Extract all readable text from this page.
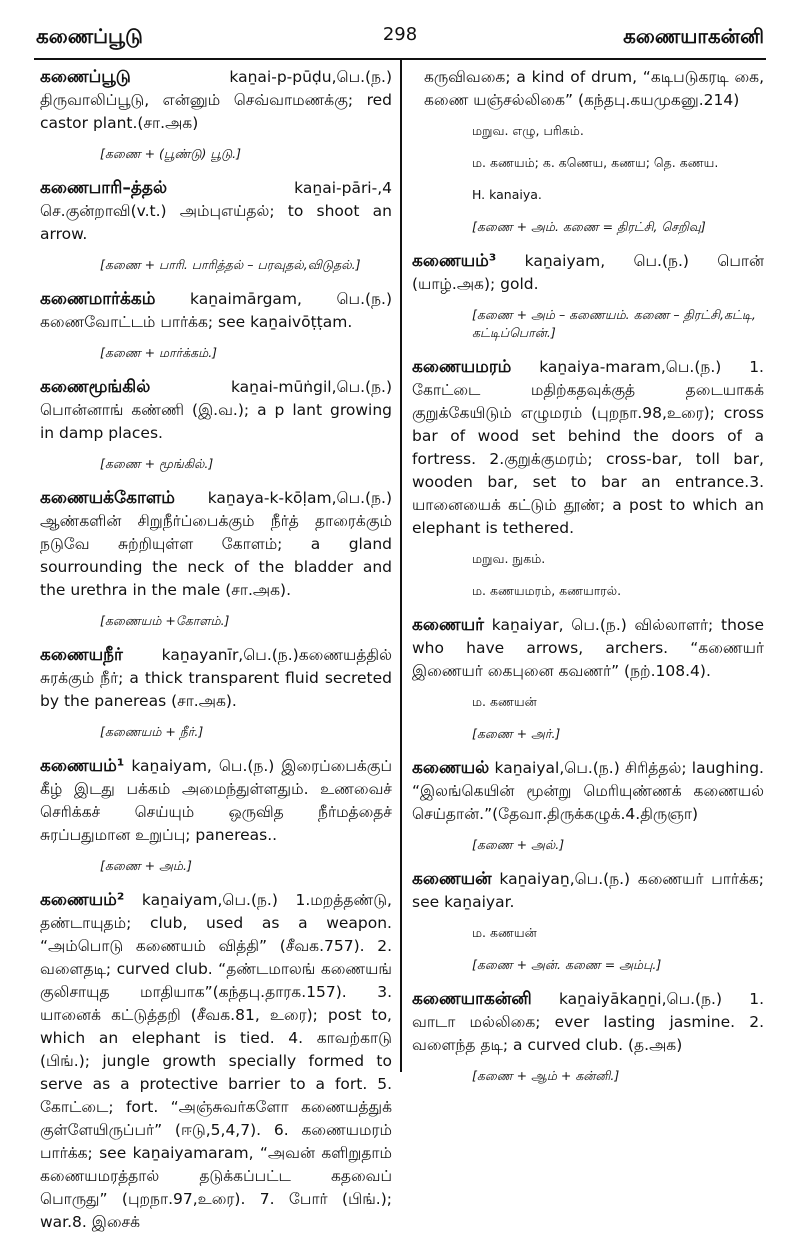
கணைப்பூடு	298	கணையாகன்னி

கணைப்பூடு kaṉai-p-pūḍu,பெ.(ந.) திருவாலிப்பூடு, என்னும் செவ்வாமணக்கு; red castor plant.(சா.அக)

[கணை + (பூண்டு) பூடு.]

கணைபாரி–த்தல் kaṉai-pāri-,4 செ.குன்றாவி(v.t.) அம்புஎய்தல்; to shoot an arrow.

[கணை + பாரி. பாரித்தல் – பரவுதல்,விடுதல்.]

கணைமார்க்கம் kaṉaimārgam, பெ.(ந.) கணைவோட்டம் பார்க்க; see kaṉaivōṭṭam.

[கணை + மார்க்கம்.]

கணைமூங்கில் kaṉai-mūṅgil,பெ.(ந.) பொன்னாங் கண்ணி (இ.வ.); a p lant growing in damp places.

[கணை + மூங்கில்.]

கணையக்கோளம் kaṉaya-k-kōḷam,பெ.(ந.) ஆண்களின் சிறுநீர்ப்பைக்கும் நீர்த் தாரைக்கும் நடுவே சுற்றியுள்ள கோளம்; a gland sourrounding the neck of the bladder and the urethra in the male (சா.அக).

[கணையம் +கோளம்.]

கணையநீர் kaṉayanīr,பெ.(ந.)கணையத்தில் சுரக்கும் நீர்; a thick transparent fluid secreted by the panereas (சா.அக).

[கணையம் + நீர்.]

கணையம்¹ kaṉaiyam, பெ.(ந.) இரைப்பைக்குப் கீழ் இடது பக்கம் அமைந்துள்ளதும். உணவைச் செரிக்கச் செய்யும் ஒருவித நீர்மத்தைச் சுரப்பதுமான உறுப்பு; panereas..

[கணை + அம்.]

கணையம்² kaṉaiyam,பெ.(ந.) 1.மறத்தண்டு, தண்டாயுதம்; club, used as a weapon. “அம்பொடு கணையம் வித்தி” (சீவக.757). 2. வளைதடி; curved club. “தண்டமாலங் கணையங் குலிசாயுத மாதியாக”(கந்தபு.தாரக.157). 3. யானைக் கட்டுத்தறி (சீவக.81, உரை); post to, which an elephant is tied. 4. காவற்காடு (பிங்.); jungle growth specially formed to serve as a protective barrier to a fort. 5. கோட்டை; fort. “அஞ்சுவர்களோ கணையத்துக் குள்ளேயிருப்பர்” (ஈடு,5,4,7). 6. கணையமரம் பார்க்க; see kaṉaiyamaram, “அவன் களிறுதாம் கணையமரத்தால் தடுக்கப்பட்ட கதவைப் பொருது” (புறநா.97,உரை). 7. போர் (பிங்.); war.8. இசைக்

கருவிவகை; a kind of drum, “கடிபடுகரடி கை, கணை யஞ்சல்லிகை” (கந்தபு.கயமுகனு.214)

மறுவ. எழு, பரிகம்.
ம. கணயம்; க. கணெய, கணய; தெ. கணய.
H. kanaiya.
[கணை + அம். கணை = திரட்சி, செறிவு]

கணையம்³ kaṉaiyam, பெ.(ந.) பொன் (யாழ்.அக); gold.

[கணை + அம் – கணையம். கணை – திரட்சி,கட்டி, கட்டிப்பொன்.]

கணையமரம் kaṉaiya-maram,பெ.(ந.) 1. கோட்டை மதிற்கதவுக்குத் தடையாகக் குறுக்கேயிடும் எழுமரம் (புறநா.98,உரை); cross bar of wood set behind the doors of a fortress. 2.குறுக்குமரம்; cross-bar, toll bar, wooden bar, set to bar an entrance.3. யானையைக் கட்டும் தூண்; a post to which an elephant is tethered.

மறுவ. நுகம்.
ம. கணயமரம், கணயாரல்.

கணையர் kaṉaiyar, பெ.(ந.) வில்லாளர்; those who have arrows, archers. “கணையர் இணையர் கைபுனை கவணர்” (நற்.108.4).

ம. கணயன்
[கணை + அர்.]

கணையல் kaṉaiyal,பெ.(ந.) சிரித்தல்; laughing. “இலங்கெயின் மூன்று மெரியுண்ணக் கணையல் செய்தான்.”(தேவா.திருக்கழுக்.4.திருஞா)

[கணை + அல்.]

கணையன் kaṉaiyaṉ,பெ.(ந.) கணையர் பார்க்க; see kaṉaiyar.

ம. கணயன்
[கணை + அன். கணை = அம்பு.]

கணையாகன்னி kaṉaiyākaṉṉi,பெ.(ந.) 1. வாடா மல்லிகை; ever lasting jasmine. 2. வளைந்த தடி; a curved club. (த.அக)

[கணை + ஆம் + கன்னி.]
